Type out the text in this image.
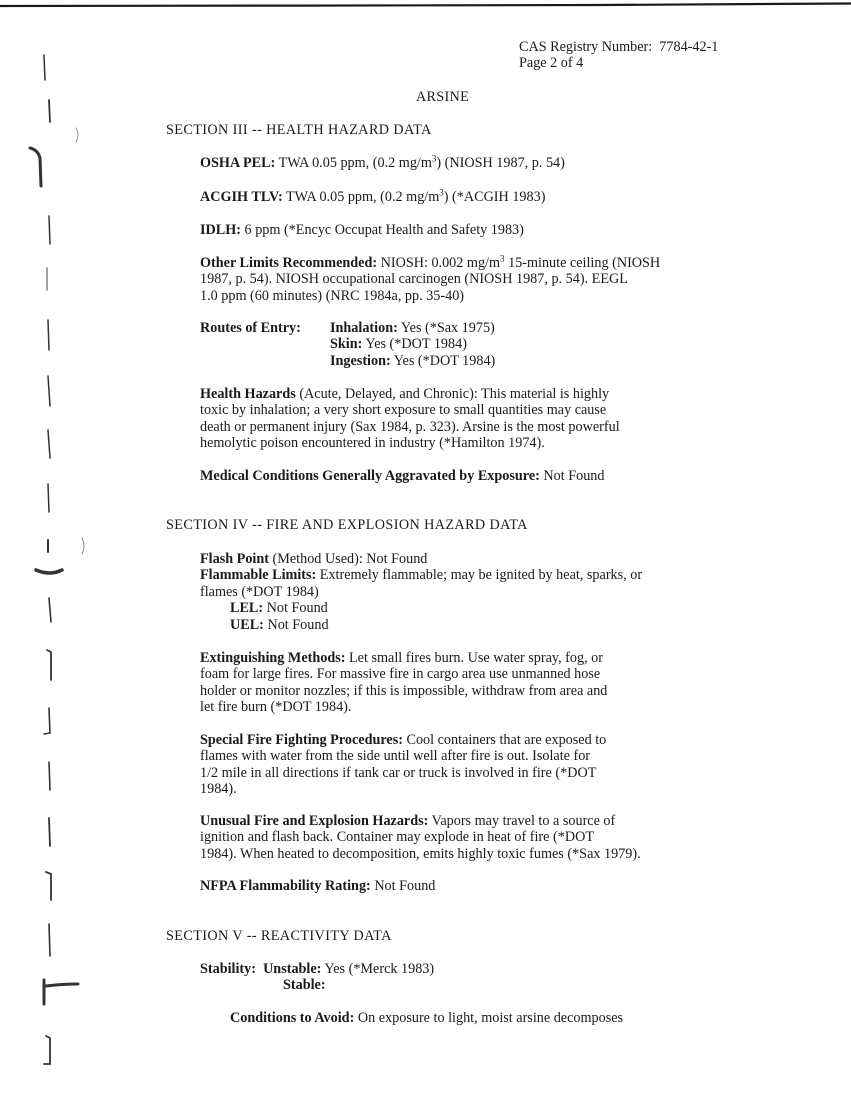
CAS Registry Number: 7784-42-1
Page 2 of 4
ARSINE
SECTION III -- HEALTH HAZARD DATA
OSHA PEL: TWA 0.05 ppm, (0.2 $mg/m^3$) (NIOSH 1987, p. 54)
ACGIH TLV: TWA 0.05 ppm, (0.2 $mg/m^3$) (*ACGIH 1983)
IDLH: 6 ppm (*Encyc Occupat Health and Safety 1983)

Other Limits Recommended: NIOSH: 0.002 $mg/m^3$ 15-minute ceiling (NIOSH

1987, p. 54). NIOSH occupational carcinogen (NIOSH 1987, p. 54). EEGL

1.0 ppm (60 minutes) (NRC 1984a, pp. 35-40)

Routes of Entry: Inhalation: Yes (*Sax 1975)
Skin: Yes (*DOT 1984)
Ingestion: Yes (*DOT 1984)

Health Hazards (Acute, Delayed, and Chronic): This material is highly

toxic by inhalation; a very short exposure to small quantities may cause

death or permanent injury (Sax 1984, p. 323). Arsine is the most powerful

hemolytic poison encountered in industry (*Hamilton 1974).

Medical Conditions Generally Aggravated by Exposure: Not Found
SECTION IV -- FIRE AND EXPLOSION HAZARD DATA

Flash Point (Method Used): Not Found

Flammable Limits: Extremely flammable; may be ignited by heat, sparks, or

flames (*DOT 1984)

LEL: Not Found

UEL: Not Found

Extinguishing Methods: Let small fires burn. Use water spray, fog, or

foam for large fires. For massive fire in cargo area use unmanned hose

holder or monitor nozzles; if this is impossible, withdraw from area and

let fire burn (*DOT 1984).

Special Fire Fighting Procedures: Cool containers that are exposed to

flames with water from the side until well after fire is out. Isolate for

1/2 mile in all directions if tank car or truck is involved in fire (*DOT

1984).

Unusual Fire and Explosion Hazards: Vapors may travel to a source of

ignition and flash back. Container may explode in heat of fire (*DOT

1984). When heated to decomposition, emits highly toxic fumes (*Sax 1979).

NFPA Flammability Rating: Not Found
SECTION V -- REACTIVITY DATA

Stability: Unstable: Yes (*Merck 1983)

Stable:

Conditions to Avoid: On exposure to light, moist arsine decomposes
